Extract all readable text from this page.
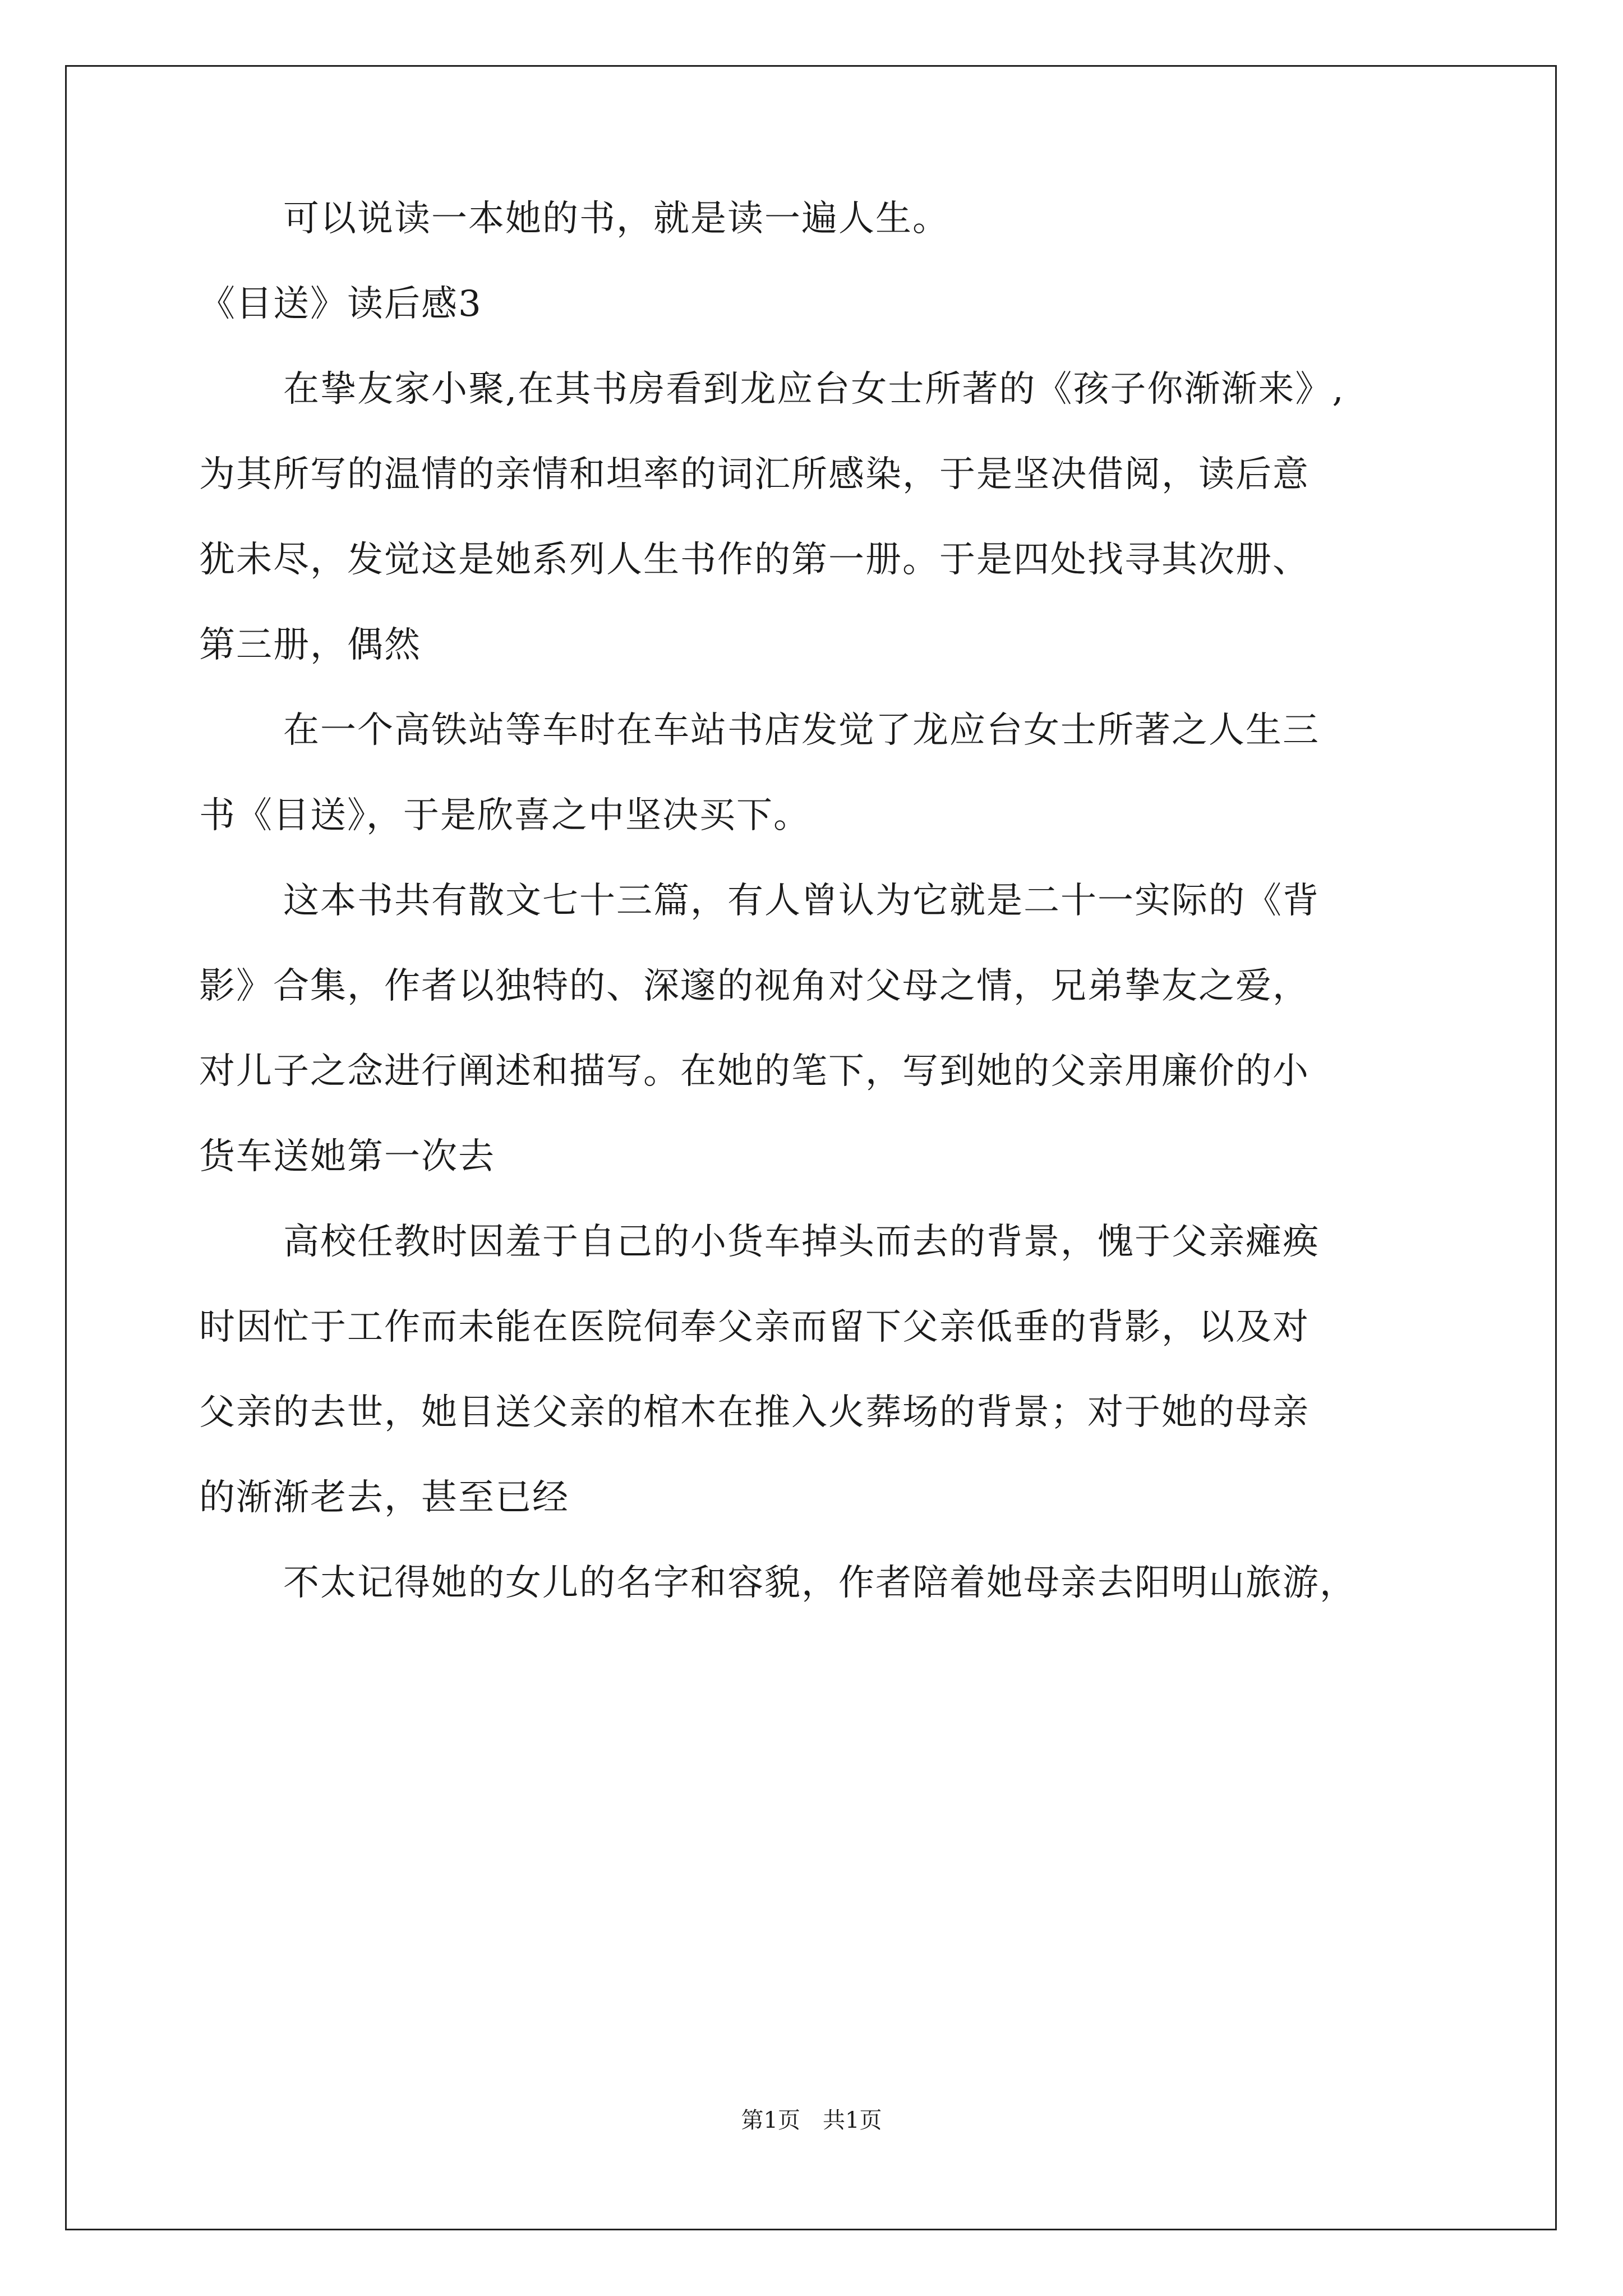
可以说读一本她的书，就是读一遍人生。
《目送》读后感3
在挚友家小聚,在其书房看到龙应台女士所著的《孩子你渐渐来》,
为其所写的温情的亲情和坦率的词汇所感染，于是坚决借阅，读后意
犹未尽，发觉这是她系列人生书作的第一册。于是四处找寻其次册、
第三册，偶然
在一个高铁站等车时在车站书店发觉了龙应台女士所著之人生三
书《目送》，于是欣喜之中坚决买下。
这本书共有散文七十三篇，有人曾认为它就是二十一实际的《背
影》合集，作者以独特的、深邃的视角对父母之情，兄弟挚友之爱，
对儿子之念进行阐述和描写。在她的笔下，写到她的父亲用廉价的小
货车送她第一次去
高校任教时因羞于自己的小货车掉头而去的背景，愧于父亲瘫痪
时因忙于工作而未能在医院伺奉父亲而留下父亲低垂的背影，以及对
父亲的去世，她目送父亲的棺木在推入火葬场的背景；对于她的母亲
的渐渐老去，甚至已经
不太记得她的女儿的名字和容貌，作者陪着她母亲去阳明山旅游，
第1页　共1页
